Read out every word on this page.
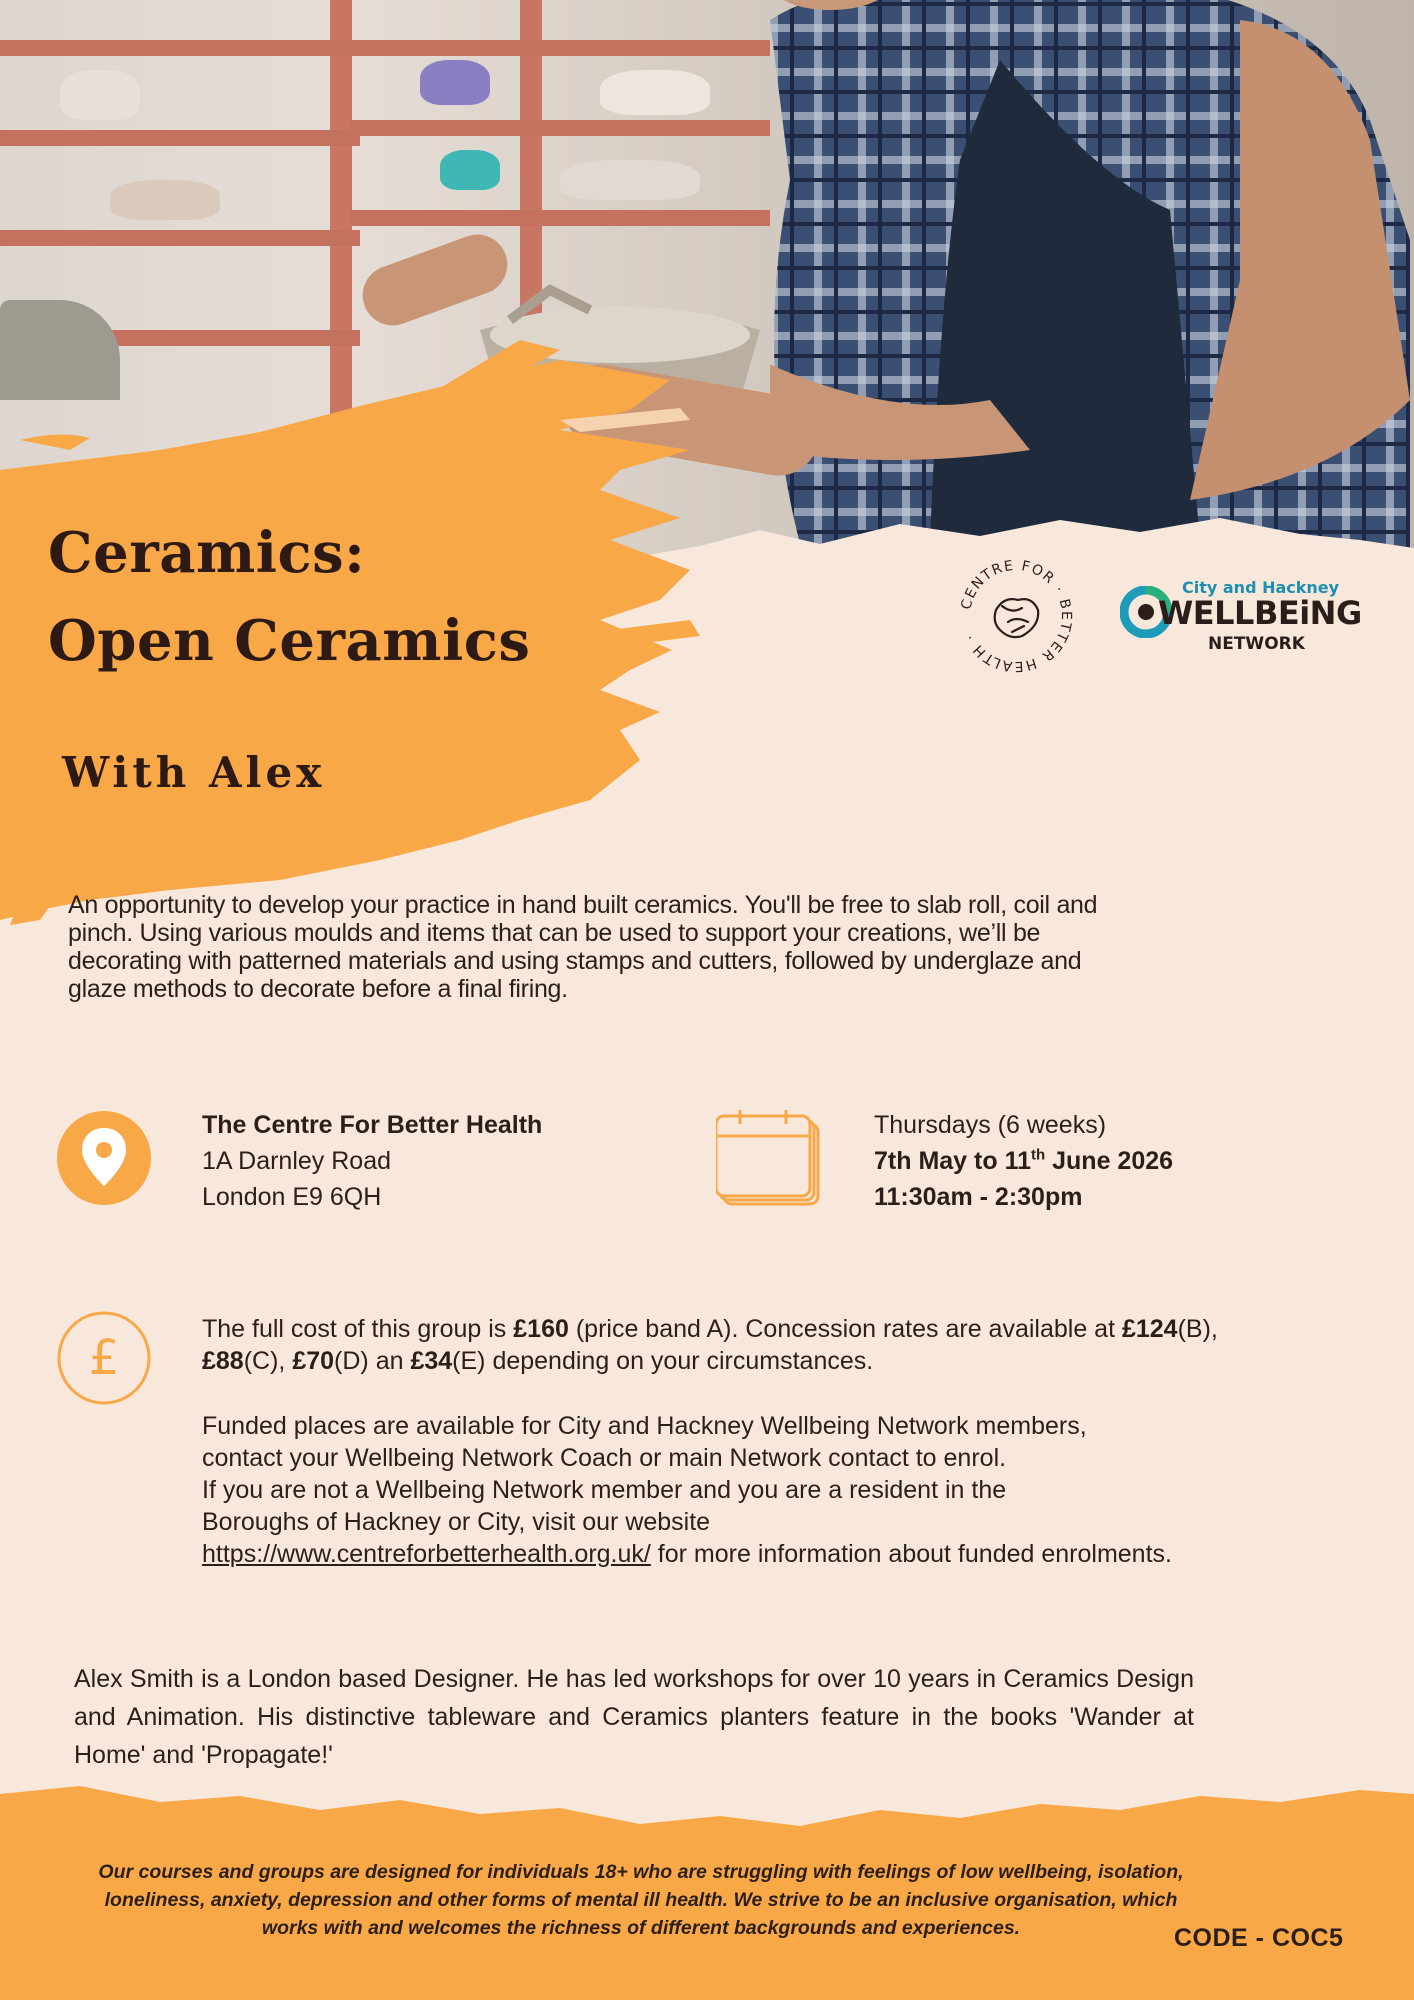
Ceramics:
Open Ceramics
With Alex
CENTRE FOR · BETTER HEALTH ·
City and Hackney
WELLBEiNG
NETWORK
An opportunity to develop your practice in hand built ceramics. You'll be free to slab roll, coil and pinch. Using various moulds and items that can be used to support your creations, we’ll be decorating with patterned materials and using stamps and cutters, followed by underglaze and glaze methods to decorate before a final firing.
The Centre For Better Health
1A Darnley Road
London E9 6QH
Thursdays (6 weeks)
7th May to 11th June 2026
11:30am - 2:30pm
£
The full cost of this group is £160 (price band A). Concession rates are available at £124(B), £88(C), £70(D) an £34(E) depending on your circumstances.
Funded places are available for City and Hackney Wellbeing Network members,
contact your Wellbeing Network Coach or main Network contact to enrol.
If you are not a Wellbeing Network member and you are a resident in the
Boroughs of Hackney or City, visit our website
https://www.centreforbetterhealth.org.uk/ for more information about funded enrolments.
Alex Smith is a London based Designer. He has led workshops for over 10 years in Ceramics Design and Animation. His distinctive tableware and Ceramics planters feature in the books 'Wander at Home' and 'Propagate!'
Our courses and groups are designed for individuals 18+ who are struggling with feelings of low wellbeing, isolation, loneliness, anxiety, depression and other forms of mental ill health. We strive to be an inclusive organisation, which works with and welcomes the richness of different backgrounds and experiences.	CODE - COC5
